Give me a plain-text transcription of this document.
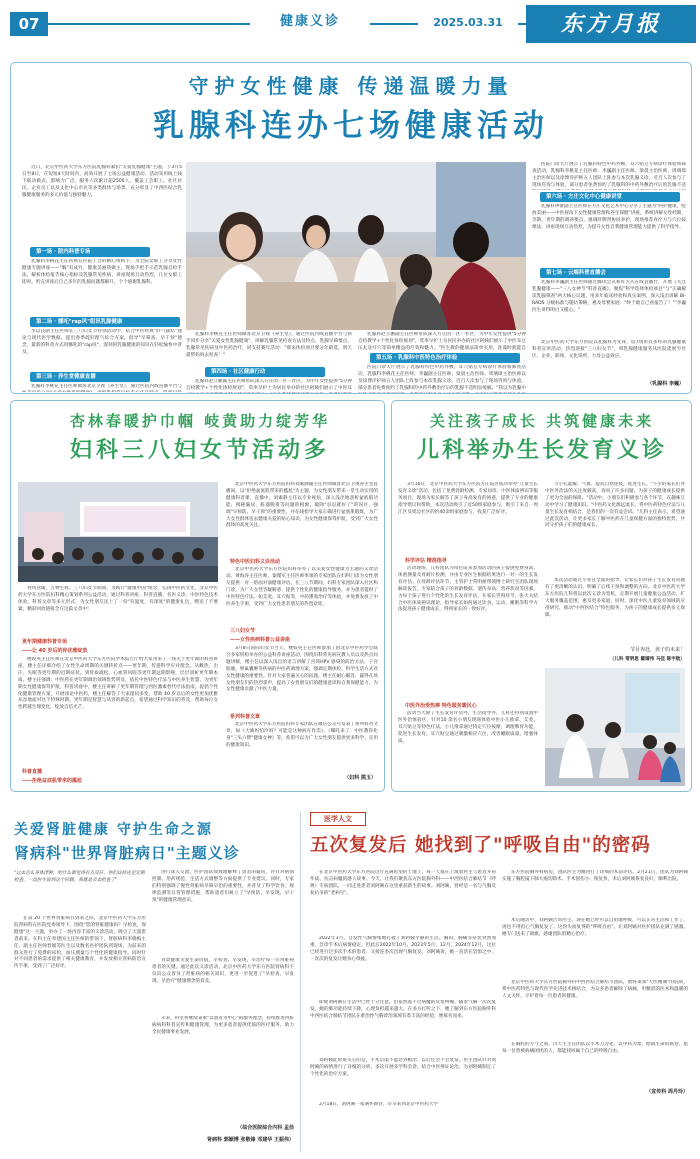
07	健康义诊	2025.03.31	东方月报
守护女性健康 传递温暖力量
乳腺科连办七场健康活动

近日，北京中医药大学东方医院乳腺科紧扣"关爱乳腺健康"主题，于3月5日至8日，在短短4天时间内，高效开展了七场公益健康活动。活动采用线上线下联动模式，影响力广泛，服务人次累计超2500人，覆盖工会职工、社区居民、企业员工以及文化中心市民等多类群体与场景，充分彰显了中西医结合乳腺健康服务的多元价值与独特魅力。

第一场 · 院内科普专场

乳腺科李桃花主任医师在医院工会的精心组织下，为全院女职工分享女性健康专题讲座——"胸"有成竹，健康美丽我做主。现场手把手示范乳腺自检手法，解析体检报告核心指标及乳腺常见疾病，讲座现场互动热烈，几位女职工即时，听完讲座后自己多年的乳腺问题都解开，个个感谢乳腺科。

第二场 · 娜吒"rap风"组讯乳腺健康

李以良副主任医师在三八妇女节特别活动中，结合中医经典"肝气郁结"理论与现代医学数据，提出春季疏肝理气综合方案，倡导"早筛查、早干预"理念，最新的科普方式用娜吒的"rap风"，深刻的乳腺健康的知识在轻松愉快中普及。

第三场 · 养生堂健康直播

乳腺科李桃花主任医师做客北京卫视《养生堂》，通过医院内线直播平台与

乳腺科李桃花主任医师做客北京卫视《养生堂》，通过医院内线直播平台与快手同步分享"关爱女性乳腺健康"，讲解乳腺常见检查方法及特点，乳腺早筛要点，乳腺常见疾病及中医药治疗，同支持赛年活动："那来体检项目要分年龄选，明天就带妈妈去检查！"

第四场 · 社区健康行动

乳腺科赵立鹏副主任医师带队深入方庄园一区一社区，为中年女性提供"5分钟自检教学+个性化体检规划"，赏率早护士为居民举办的社区阿姨们展示了中医耳

乳腺科赵立鹏副主任医师带队深入方庄园一区一社区，为中年女性提供"5分钟自检教学+个性化体检规划"，赏率早护士为居民举办的社区阿姨们展示了中医耳豆压丸及疗穴等简单精益的疗效和魅力。"医生教的健康法简单实用，洗澡时就能自

第五场 · 乳腺科中医特色治疗体验

医院门诊大厅展示了乳腺科特色中药外敷、耳穴贴豆专病诊疗体验和筛查活动，乳腺科李桃花主任医师、李巍副主任医师、梁晨主治医师、周璃璋主治医师以及徐博洋护师五人团队上阵参与本次乳腺义诊。近百人次参与了现场咨询与体验。部分患者免费预约了乳腺科的中药外敷治疗后的乳腺不适明显缓解。"我以为乳腺中

医院门诊大厅展示了乳腺科特色中药外敷、耳穴贴豆专病诊疗体验和筛查活动，乳腺科李桃花主任医师、李巍副主任医师、梁晨主治医师、周璃璋主治医师以及徐博洋护师五人团队上阵参与本次乳腺义诊。近百人次参与了现场咨询与体验。部分患者免费预约了乳腺科的中药外敷治疗后的乳腺不适

第六场 · 方庄文化中心健康讲堂

乳腺科钟蕾副主任医师在方庄文化艺术中心分享了主题为"呵护健康，绽放美丽——中医视角下女性健康管理和养生保健"讲座，系统讲解女性经期、孕期、更年期的调养要点，强调肝脾肾协同养护，现场推荐食疗方与穴位按摩法，讲座现场互动热烈，为提升女性自我健康管理能力提供了科学指导。

第七场 · 云端科普直播会

乳腺科李巍副主任医师通过腾讯会议和好大夫在线直播台，开展《关注乳腺健康——"三八女神节"科普直播》。聚焦"科学选择体检项目"与"正确解读乳腺筛查"两大核心议题，用多年临床经验和真实案例，深入浅出讲解 BI-RADS 分级标准与随访策略，惠及母婴家庭："终于敢自己看报告了！""李巍医生讲得明白又暖心。"

北京中医药大学东方医院以乳腺科为先锋，借7场形式多样的乳腺健康科普宣讲活动，热烈迎接"三八妇女节"，将乳腺健康服务从医院延展至社区、企业、职场、文化场所，力显公益效应。

（乳腺科 李巍）
杏林春暖护巾帼 岐黄助力绽芳华
妇科三八妇女节活动多

春风送暖，万物生辉。三八妇女节期间，为践行"健康中国"理念，弘扬中医药文化，北京中医药大学东方医院妇科精心策划系列公益活动，通过科普讲座、科普直播、名医义诊、中医特色技术体验、科普文章等多元形式，为女性朋友送上了一份"有温度、有深度"的健康礼包，赠送了不要紧，精彩回放链接全在这篇文章中！

更年期健康科普专场
——让 40 岁后的你优雅绽放

楼姣英主任医师在北京中医药大学东方医院学术报告厅给大家带来了一场关于更年期的科普讲座。楼主任详细介绍了女性生命周期的关键转折点——更年期，传递科学应对理念。从雌热、出汗、失眠等更年期的近期症状，到骨质疏松、心血管风险等更年期远期影响，层层剖析更年期本质。楼主任强调：中医药在更年期调治领域优势明显，依托中医特色疗法与中医养生智慧，为更年期女性健康保驾护航，科普讲座中，楼主任讲解了更年期管理与西医激素替代疗法指南，提倡个性化健康管理方案，开展谈论中医药，楼主任解答了大家提问多变，帮助 40 岁以后的女性更加优雅从容地面对这个特殊时期。更年期是智慧与从容的新起点，希望通过科学知识的普及，帮助每位女性跨越生理变化，绽放自信光芒。

科普直播
——拒绝盆底肌带来的尴尬

北京中医药大学东方医院妇科刘素静副主任医师做客北京卫视养生堂直播间，以"拒绝盆底肌带来的尴尬"为主题，为女性朋友带来一堂生动实用的健康科普课。直播中，刘素静主任以专业视角，深入浅出地剖析盆底肌功能、揭秘漏尿、脏器脱垂等问题的根源，破除"忍忍就好了"的误区，强调"早预防、早干预"的重要性。并在线指导大家正确进行盆底肌锻炼，为广大女性群体送去健康关爱的贴心知识，为女性健康保驾护航，受到广大女性群体的高度关注。

特色中医妇科义诊活动

北京中医药大学东方医院妇科举办了以关爱女性健康为主题的义诊活动。黄海涛主任医师、秦瑾军主任医师率领的专家团队在妇科门诊为女性朋友提供一对一的面对面健康评估。在三八节期间，妇科专家团队深入社区和门诊，为广大女性答疑解惑、提供个性化的健康指导服务，并为患者提供了中医特色疗法，如艾灸、耳穴贴等，中药熏蒸治疗等体验，并免费发放了中医养生手册，受到广大女性患者朋友的热烈欢迎。

三八妇女节
——女性疾病科普公益讲座

3月8日国际妇女节当天，楼姣英主任医师参加了由北京中医药学会联合多家机构举办的公益科普讲座活动，围绕妇科常见病宣教人员以及热点问题讲解，楼主任以深入浅出的语言讲解了宫颈HPV 感染的防治方法、子宫肌瘤、卵巢囊肿等疾病的中医药调理方案，强调定期体检、科学生活方式对女性健康的重要性。针对大家普遍关心的问题，楼主任耐心解答，赢得在场女性朋友们的热烈掌声，提高了女性朋友们的健康意识和自我保健能力，为女性健康贡献了中医力量。

系列科普文章

北京中医药大学东方医院妇科专家团队在微信公众号发表了系列科普文章，如《大姨妈怕冷吗？可能是这种病在作祟》、《哪吒来了：中医教你化身"三头六臂"健康女神》等，希望可以为广大女性朋友提供更多科学、实用的健康知识。

（妇科 熊玉）
关注孩子成长 共筑健康未来
儿科举办生长发育义诊

3月16日，北京中医药大学东方医院方庄院区成功举办"儿童生长发育义诊"活动，包括了免费骨龄检测、专家问诊、中医体质辨识等服务项目，现场为家长解答了孩子身高发育的困惑，提供了专业的健康指导建议和帮助，本次活动吸引了近50组家庭参与，吸引了来自一周江区及周边社区的约40余组家庭参与，收获广泛好评。

科学评估 精准指导

活动现场，儿科团队为每位前来参加活动的孩子提供免费身高、体重测量及骨龄片检测，并由专业医生根据结果进行一对一的生长发育评估。在骨龄评估环节，主管护士常明丽带领博士研究生团队现场解读报告，专家结合孩子的骨龄数据、遗传身高、营养状况等因素，为每个孩子进行个性化的生长发育评估。在家长咨询环节，张大夫结合中医体质辨识理论，指导家长如何通过饮食、运动、睡眠等科学方法促进孩子健康成长，得到家长的一致好评。

中医外治受热捧 特色服务暖民心

活动当天除了生长发育评估外，生活指导外，儿科还特别设置中医外治体验区，针对10 余名小朋友现场体验中医小儿推拿、艾灸、耳穴贴豆等特色疗法，小儿推拿通过特定穴位按摩，调理脾胃功能，促进生长发育。耳穴贴豆通过刺激相应穴位，改善睡眠质量，增强体质。

节小孔能解、气血、提高自然免疫，促进生长。"不少的家长们对中医外治法的关注度颇高，询问了许多问题，为孩子的健康成长提供了更为全面的保障。"活动中，小朋友们积极参与各个环节，在趣味互动中学习了健康知识。"中医药文化源远流长，将中医药特色疗法与儿童生长发育相结合，是我们的一次有益尝试。"儿科主任表示，希望通过此次活动，让更多家长了解中医药在儿童保健方面的独特优势，共同守护孩子们的健康成长。

本次活动通过专业且全面的指导，让家长们对孩子生长发育问题有了更清晰的认识，明确了后续干预和调整的方向。北京中医药大学东方医院儿科将以此次义诊为契机，定期开展儿童健康公益活动，扩大服务覆盖范围，惠及更多家庭。同时，深化中医儿童发育领域的应用研究，推动"中西医结合"特色服务，为孩子的健康成长提供多元保障。

节目奔赴，孩子的未来！
（儿科 常明思 霍婧伟 马佳 陈宇航）
关爱肾脏健康 守护生命之源
肾病科"世界肾脏病日"主题义诊
"过去怎么身体浮肿，吃什么都觉得有点反应，你们这样还是定期检查，一边医生说到这个问题，我就是否去检查了"

在第 20 个世界肾脏病日到来之际，北京中医药大学东方医院肾病科在医院党委领导下，围绕"您的肾脏健康吗？早检查，保健康"这一主题，举办了一场内容丰富的义诊活动，吸引了大量患者前来。在科主任奉建国主任医师的带领下，肾脏病科李晓梅主任、副主任医师晋媛等医生以及数名医护团队到现场，为前来的群众进行了免费的尿检、血压测量与个性化的健康指导。同时针对不同患者的需求提供了相关健康教育，并发放相关肾病防治宣传手册，受到了广泛好评。

进行深入交流，医护团队细致地解释了患者的疑问，并针对病情控制、用药规范、生活方式调整等方面提供了专业建议。同时，专家们特别强调了慢性肾脏病早筛早治的重要性，并普及了科学饮食、规律监测等日常管理措施，帮助患者们树立了"早预防、早发现、早干预"的健康管理意识。

背景健康关爱生命价值，早检查、早发现，早治疗每一位肾脏病患者的关键。通过此次义诊活动，北京中医药大学东方医院肾病科不仅向公众普及了肾脏病的相关知识，更进一步促进了"早检查、早发现、早治疗"健康理念的普及。

未来，科室将继续秉承"以患者为中心"的服务理念，持续推进肾脏病病科科普宣传和健康管理，为更多患者提供优质的医疗服务，助力全民健康事业发展。

（综合医院综合内科 孟佳
肾病科 郭颖博 张敬锋 邓建华 王振伟）
医学人文
五次复发后 她找到了"呼吸自由"的密码

在北京中医药大学东方医院这片充满希望的土地上，每一天都在上演着医生与患者并肩作战、抗击病魔的感人故事。今天，让我们聚焦东方医院胸外科——中西医结合肺结节（呼吸）专病团队，一同走进患者刘阿姨在这里重获新生的故事。刘阿姨，曾经是一名与气胸反复抗争的"老病号"。

2022年3月，自发性气胸情绪地打破了刘阿姨平静的生活。胸闷、胸痛等症状突然加重，急诊手术后病情稳定。但此后2022年10月、2023年5月、12月，2024年12月，这位已经进行过多次手术的患者，又接连多次出现气胸复发。刘阿姨说，她一直活在恐惧之中，一次次的复发让她身心俱疲。

即使刘阿姨在生活中已经十分注意，但依然逃不过病魔的反复纠缠。随着气胸一次次复发，她的肺功能持续下降，心理负担越来越大。在多方打听之下，她了解到东方医院胸外科中西医结合肺结节团队在难治性气胸诊治领域有着丰富的经验，便慕名而来。

刘阿姨此时很关心的是，手术后能不能达到根治、以后还会不会复发。医生团队针对刘阿姨的病情进行了详细的分析，多次开展多学科会诊，结合中医辨证论治，为刘阿姨制定了个性化的治疗方案。

2月18日，刘阿姨一家满怀期待，早早来到北京中医药大学

东方医院胸外科病房，团队医生为她进行了详细的术前评估。2月21日，团队为刘阿姨实施了胸腔镜下肺大疱切除术。手术创伤小、恢复快，术后刘阿姨恢复良好，顺利出院。

术后随访中，刘阿姨告诉医生，现在她已经可以自由地呼吸，可以正常生活和工作了，再也不用担心气胸复发了。这份失而复得的"呼吸自由"，让刘阿姨对医护团队充满了感激。她专门送来了锦旗，感谢团队的精心治疗。

北京中医药大学东方医院胸外科中西医结合肺结节团队，始终秉承"大医精诚"的院训，将中医药特色与现代医学先进技术相结合，为众多患者解除了病痛，用精湛的医术和温暖的人文关怀，守护着每一位患者的健康。

在胸腔的方寸之间，闫天生主任团队以手术刀为笔，以中药为墨，绘就生命的画卷。愿每一位曾被病痛困扰的人，都能找回属于自己的呼吸自由。

（宣传科 周丹玲）
